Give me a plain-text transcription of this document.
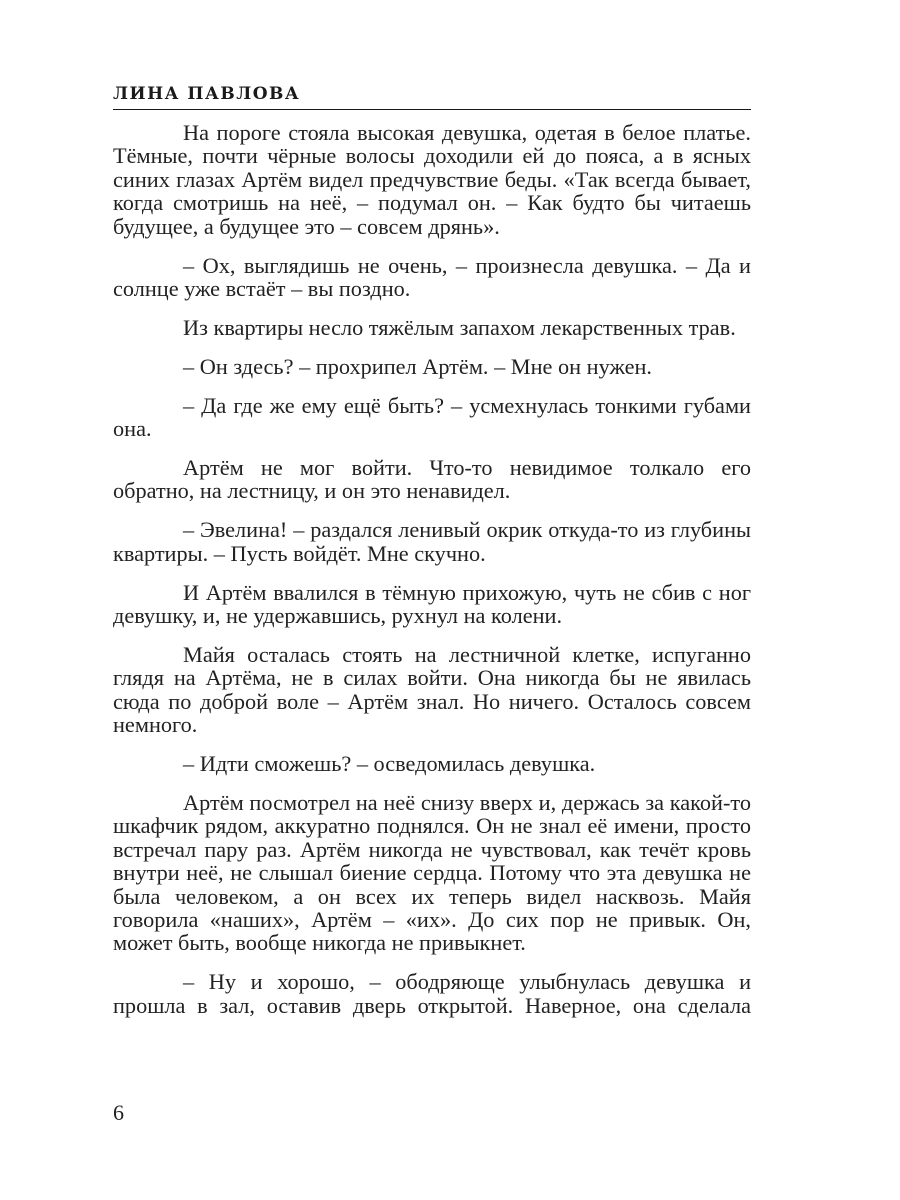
ЛИНА ПАВЛОВА

На пороге стояла высокая девушка, одетая в белое платье. Тёмные, почти чёрные волосы доходили ей до пояса, а в ясных синих глазах Артём видел предчувствие беды. «Так всегда бывает, когда смотришь на неё, – подумал он. – Как будто бы читаешь будущее, а будущее это – совсем дрянь».

– Ох, выглядишь не очень, – произнесла девушка. – Да и солнце уже встаёт – вы поздно.

Из квартиры несло тяжёлым запахом лекарственных трав.

– Он здесь? – прохрипел Артём. – Мне он нужен.

– Да где же ему ещё быть? – усмехнулась тонкими губами она.

Артём не мог войти. Что-то невидимое толкало его обратно, на лестницу, и он это ненавидел.

– Эвелина! – раздался ленивый окрик откуда-то из глубины квартиры. – Пусть войдёт. Мне скучно.

И Артём ввалился в тёмную прихожую, чуть не сбив с ног девушку, и, не удержавшись, рухнул на колени.

Майя осталась стоять на лестничной клетке, испуганно глядя на Артёма, не в силах войти. Она никогда бы не явилась сюда по доброй воле – Артём знал. Но ничего. Осталось совсем немного.

– Идти сможешь? – осведомилась девушка.

Артём посмотрел на неё снизу вверх и, держась за какой-то шкафчик рядом, аккуратно поднялся. Он не знал её имени, просто встречал пару раз. Артём никогда не чувствовал, как течёт кровь внутри неё, не слышал биение сердца. Потому что эта девушка не была человеком, а он всех их теперь видел насквозь. Майя говорила «наших», Артём – «их». До сих пор не привык. Он, может быть, вообще никогда не привыкнет.

– Ну и хорошо, – ободряюще улыбнулась девушка и прошла в зал, оставив дверь открытой. Наверное, она сделала

6
